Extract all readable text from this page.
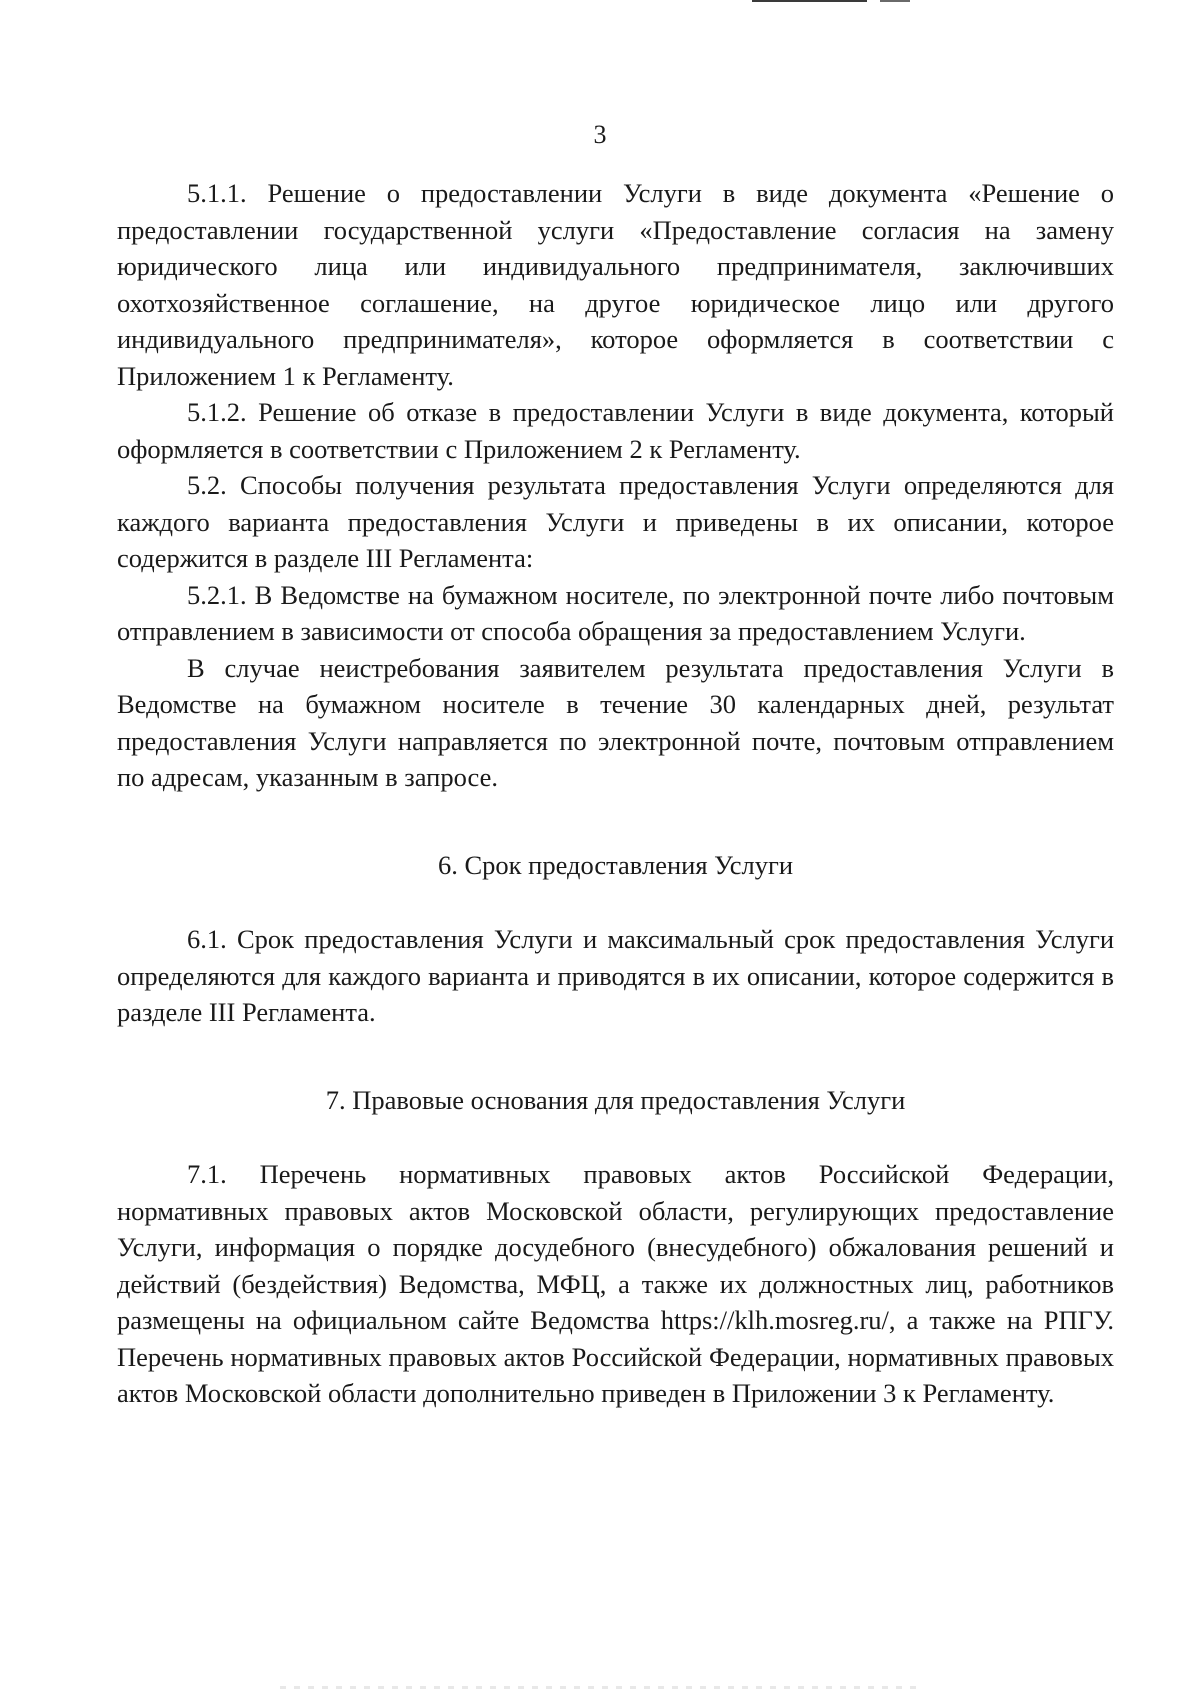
3

5.1.1. Решение о предоставлении Услуги в виде документа «Решение о предоставлении государственной услуги «Предоставление согласия на замену юридического лица или индивидуального предпринимателя, заключивших охотхозяйственное соглашение, на другое юридическое лицо или другого индивидуального предпринимателя», которое оформляется в соответствии с Приложением 1 к Регламенту.

5.1.2. Решение об отказе в предоставлении Услуги в виде документа, который оформляется в соответствии с Приложением 2 к Регламенту.

5.2. Способы получения результата предоставления Услуги определяются для каждого варианта предоставления Услуги и приведены в их описании, которое содержится в разделе III Регламента:

5.2.1. В Ведомстве на бумажном носителе, по электронной почте либо почтовым отправлением в зависимости от способа обращения за предоставлением Услуги.

В случае неистребования заявителем результата предоставления Услуги в Ведомстве на бумажном носителе в течение 30 календарных дней, результат предоставления Услуги направляется по электронной почте, почтовым отправлением по адресам, указанным в запросе.

6. Срок предоставления Услуги

6.1. Срок предоставления Услуги и максимальный срок предоставления Услуги определяются для каждого варианта и приводятся в их описании, которое содержится в разделе III Регламента.

7. Правовые основания для предоставления Услуги

7.1. Перечень нормативных правовых актов Российской Федерации, нормативных правовых актов Московской области, регулирующих предоставление Услуги, информация о порядке досудебного (внесудебного) обжалования решений и действий (бездействия) Ведомства, МФЦ, а также их должностных лиц, работников размещены на официальном сайте Ведомства https://klh.mosreg.ru/, а также на РПГУ. Перечень нормативных правовых актов Российской Федерации, нормативных правовых актов Московской области дополнительно приведен в Приложении 3 к Регламенту.
